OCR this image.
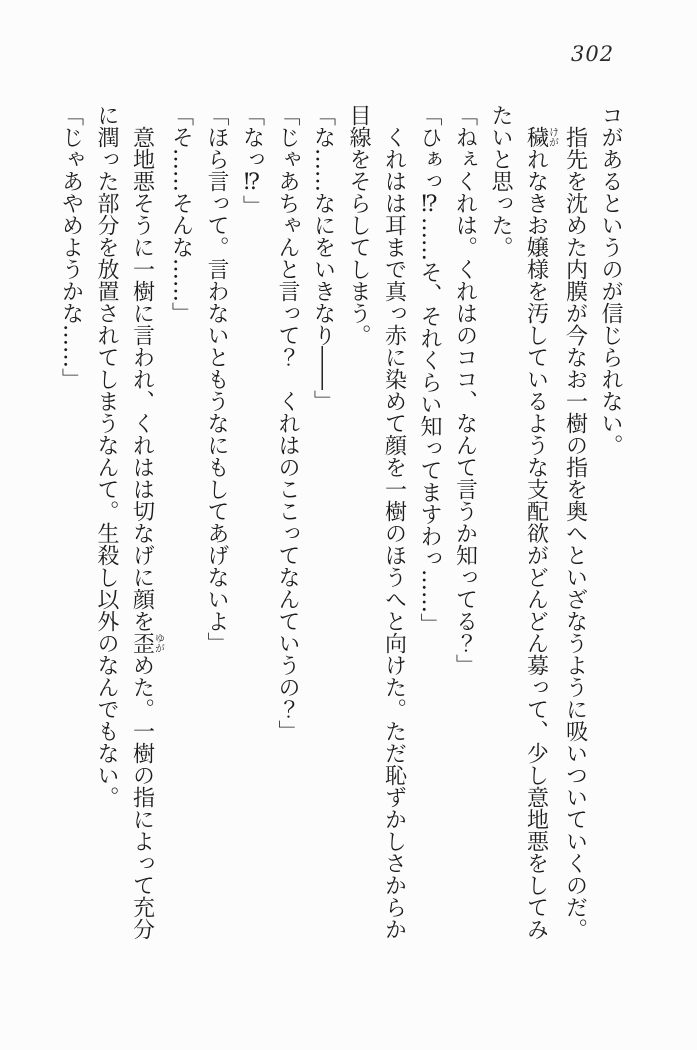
302

コがあるというのが信じられない。

指先を沈めた内膜が今なお一樹の指を奥へといざなうように吸いついていくのだ。

穢けがれなきお嬢様を汚しているような支配欲がどんどん募って、少し意地悪をしてみたいと思った。

「ねぇくれは。くれはのココ、なんて言うか知ってる？」

「ひぁっ⁉……そ、それくらい知ってますわっ……」

くれはは耳まで真っ赤に染めて顔を一樹のほうへと向けた。ただ恥ずかしさからか目線をそらしてしまう。

「な……なにをいきなり――」

「じゃあちゃんと言って？　くれはのここってなんていうの？」

「なっ⁉」

「ほら言って。言わないともうなにもしてあげないよ」

「そ……そんな……」

意地悪そうに一樹に言われ、くれはは切なげに顔を歪ゆがめた。一樹の指によって充分に潤った部分を放置されてしまうなんて。生殺し以外のなんでもない。

「じゃあやめようかな……」
